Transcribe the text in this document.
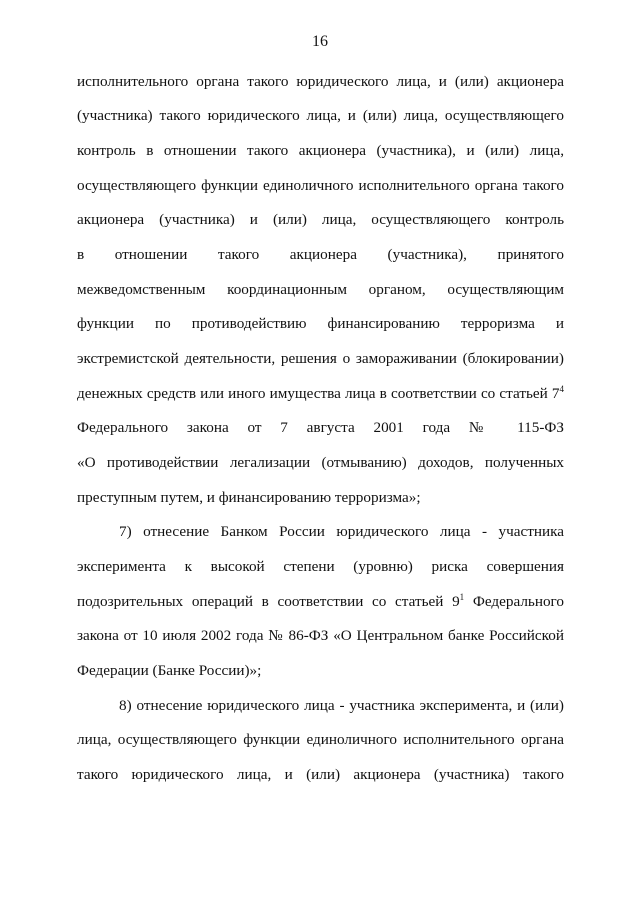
16
исполнительного органа такого юридического лица, и (или) акционера
(участника) такого юридического лица, и (или) лица, осуществляющего
контроль в отношении такого акционера (участника), и (или) лица,
осуществляющего функции единоличного исполнительного органа такого
акционера (участника) и (или) лица, осуществляющего контроль
в отношении такого акционера (участника), принятого
межведомственным координационным органом, осуществляющим
функции по противодействию финансированию терроризма и
экстремистской деятельности, решения о замораживании (блокировании)
денежных средств или иного имущества лица в соответствии со статьей $7^4$
Федерального закона от 7 августа 2001 года № 115-ФЗ
«О противодействии легализации (отмыванию) доходов, полученных
преступным путем, и финансированию терроризма»;
7) отнесение Банком России юридического лица - участника
эксперимента к высокой степени (уровню) риска совершения
подозрительных операций в соответствии со статьей $9^1$ Федерального
закона от 10 июля 2002 года № 86-ФЗ «О Центральном банке Российской
Федерации (Банке России)»;
8) отнесение юридического лица - участника эксперимента, и (или)
лица, осуществляющего функции единоличного исполнительного органа
такого юридического лица, и (или) акционера (участника) такого
